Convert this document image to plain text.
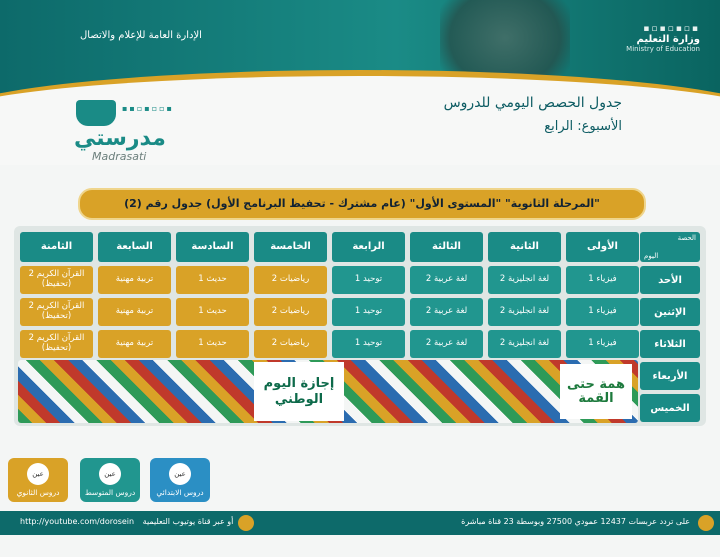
▪▫▪▫▪▫▪
وزارة التعليم
Ministry of Education
الإدارة العامة للإعلام والاتصال
جدول الحصص اليومي للدروس
الأسبوع: الرابع
▪▪▫▪▫▫▪
مدرستي
Madrasati
"المرحلة الثانوية" "المستوى الأول" (عام مشترك - تحفيظ البرنامج الأول) جدول رقم (2)
الحصة
اليوم
الأولى
الثانية
الثالثة
الرابعة
الخامسة
السادسة
السابعة
الثامنة
الأحد
الإثنين
الثلاثاء
الأربعاء
الخميس
فيزياء 1
لغة انجليزية 2
لغة عربية 2
توحيد 1
رياضيات 2
حديث 1
تربية مهنية
القرآن الكريم 2 (تحفيظ)
فيزياء 1
لغة انجليزية 2
لغة عربية 2
توحيد 1
رياضيات 2
حديث 1
تربية مهنية
القرآن الكريم 2 (تحفيظ)
فيزياء 1
لغة انجليزية 2
لغة عربية 2
توحيد 1
رياضيات 2
حديث 1
تربية مهنية
القرآن الكريم 2 (تحفيظ)
إجازة اليوم الوطني
همة حتى القمة
عين
دروس الابتدائي
عين
دروس المتوسط
عين
دروس الثانوي
على تردد عربسات 12437 عمودي 27500 وبوسطة 23 قناة مباشرة
http://youtube.com/dorosein أو عبر قناة يوتيوب التعليمية
